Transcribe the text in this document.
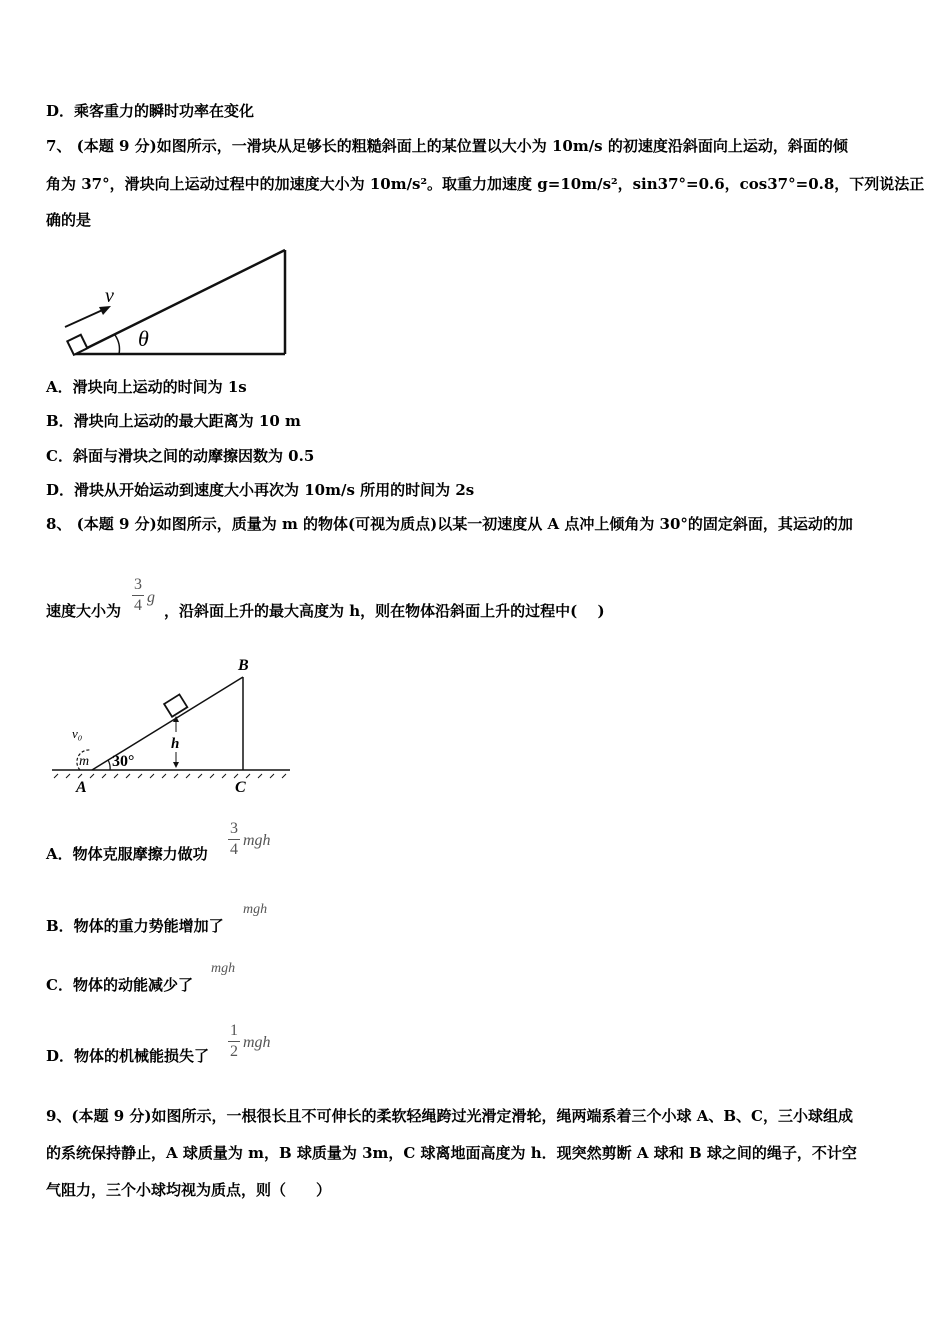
D．乘客重力的瞬时功率在变化
7、 (本题 9 分)如图所示，一滑块从足够长的粗糙斜面上的某位置以大小为 10m/s 的初速度沿斜面向上运动，斜面的倾
角为 37°，滑块向上运动过程中的加速度大小为 10m/s²。取重力加速度 g=10m/s²，sin37°=0.6，cos37°=0.8，下列说法正
确的是
v
θ
A．滑块向上运动的时间为 1s
B．滑块向上运动的最大距离为 10 m
C．斜面与滑块之间的动摩擦因数为 0.5
D．滑块从开始运动到速度大小再次为 10m/s 所用的时间为 2s
8、 (本题 9 分)如图所示，质量为 m 的物体(可视为质点)以某一初速度从 A 点冲上倾角为 30°的固定斜面，其运动的加
速度大小为
3
4 g
，沿斜面上升的最大高度为 h，则在物体沿斜面上升的过程中(　 )
h
m
v₀
30°
B
A	C
A．物体克服摩擦力做功
3
4
mgh
B．物体的重力势能增加了
mgh
C．物体的动能减少了
mgh
D．物体的机械能损失了
1
2
mgh
9、(本题 9 分)如图所示，一根很长且不可伸长的柔软轻绳跨过光滑定滑轮，绳两端系着三个小球 A、B、C，三小球组成
的系统保持静止，A 球质量为 m，B 球质量为 3m，C 球离地面高度为 h．现突然剪断 A 球和 B 球之间的绳子，不计空
气阻力，三个小球均视为质点，则（　　）
